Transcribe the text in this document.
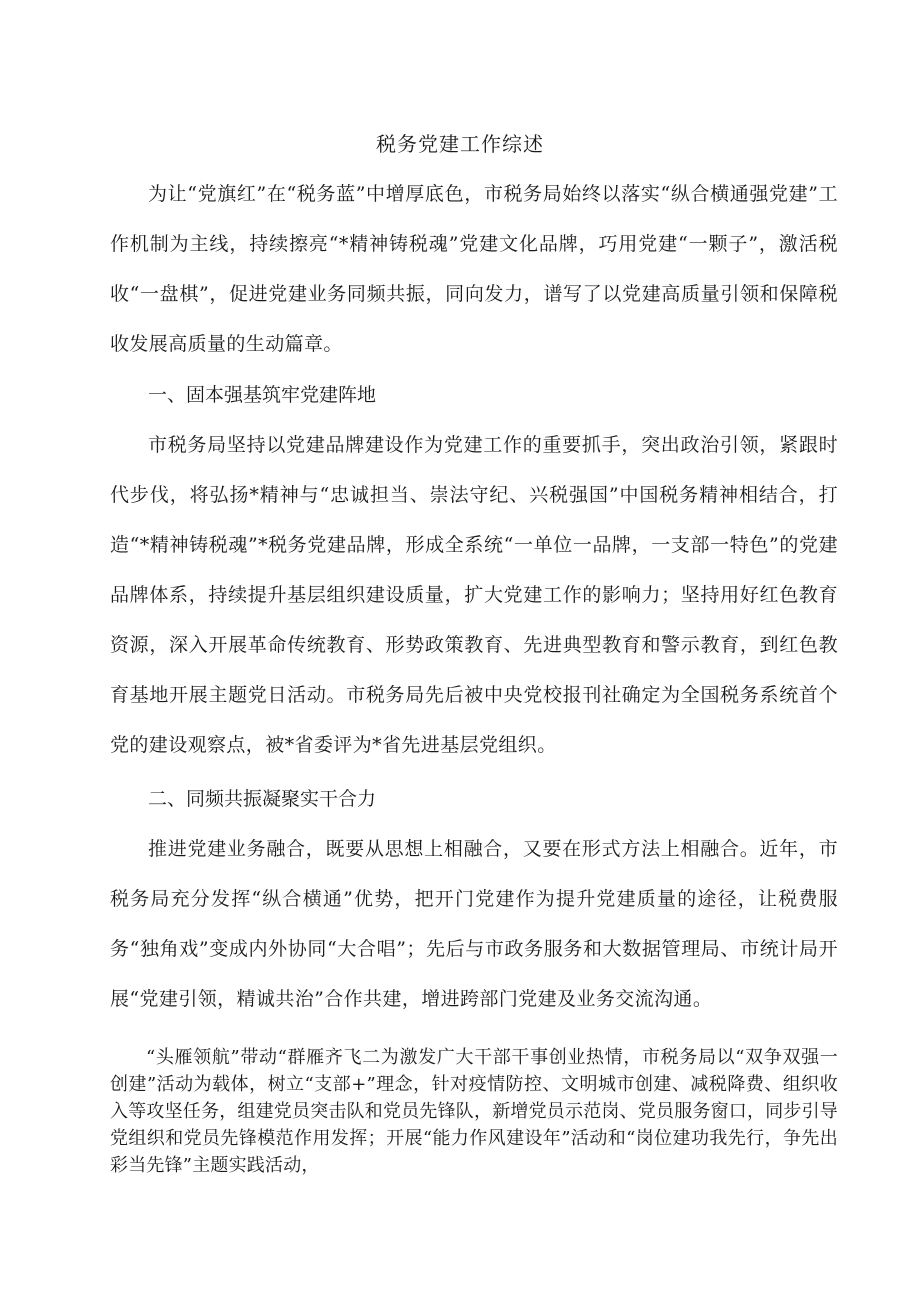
税务党建工作综述

为让“党旗红”在“税务蓝”中增厚底色，市税务局始终以落实“纵合横通强党建”工作机制为主线，持续擦亮“*精神铸税魂”党建文化品牌，巧用党建“一颗子”，激活税收“一盘棋”，促进党建业务同频共振，同向发力，谱写了以党建高质量引领和保障税收发展高质量的生动篇章。

一、固本强基筑牢党建阵地

市税务局坚持以党建品牌建设作为党建工作的重要抓手，突出政治引领，紧跟时代步伐，将弘扬*精神与“忠诚担当、崇法守纪、兴税强国”中国税务精神相结合，打造“*精神铸税魂”*税务党建品牌，形成全系统“一单位一品牌，一支部一特色”的党建品牌体系，持续提升基层组织建设质量，扩大党建工作的影响力；坚持用好红色教育资源，深入开展革命传统教育、形势政策教育、先进典型教育和警示教育，到红色教育基地开展主题党日活动。市税务局先后被中央党校报刊社确定为全国税务系统首个党的建设观察点，被*省委评为*省先进基层党组织。

二、同频共振凝聚实干合力

推进党建业务融合，既要从思想上相融合，又要在形式方法上相融合。近年，市税务局充分发挥“纵合横通”优势，把开门党建作为提升党建质量的途径，让税费服务“独角戏”变成内外协同“大合唱”；先后与市政务服务和大数据管理局、市统计局开展“党建引领，精诚共治”合作共建，增进跨部门党建及业务交流沟通。

“头雁领航”带动“群雁齐飞二为激发广大干部干事创业热情，市税务局以“双争双强一创建”活动为载体，树立“支部+”理念，针对疫情防控、文明城市创建、减税降费、组织收入等攻坚任务，组建党员突击队和党员先锋队，新增党员示范岗、党员服务窗口，同步引导党组织和党员先锋模范作用发挥；开展“能力作风建设年”活动和“岗位建功我先行，争先出彩当先锋”主题实践活动，
